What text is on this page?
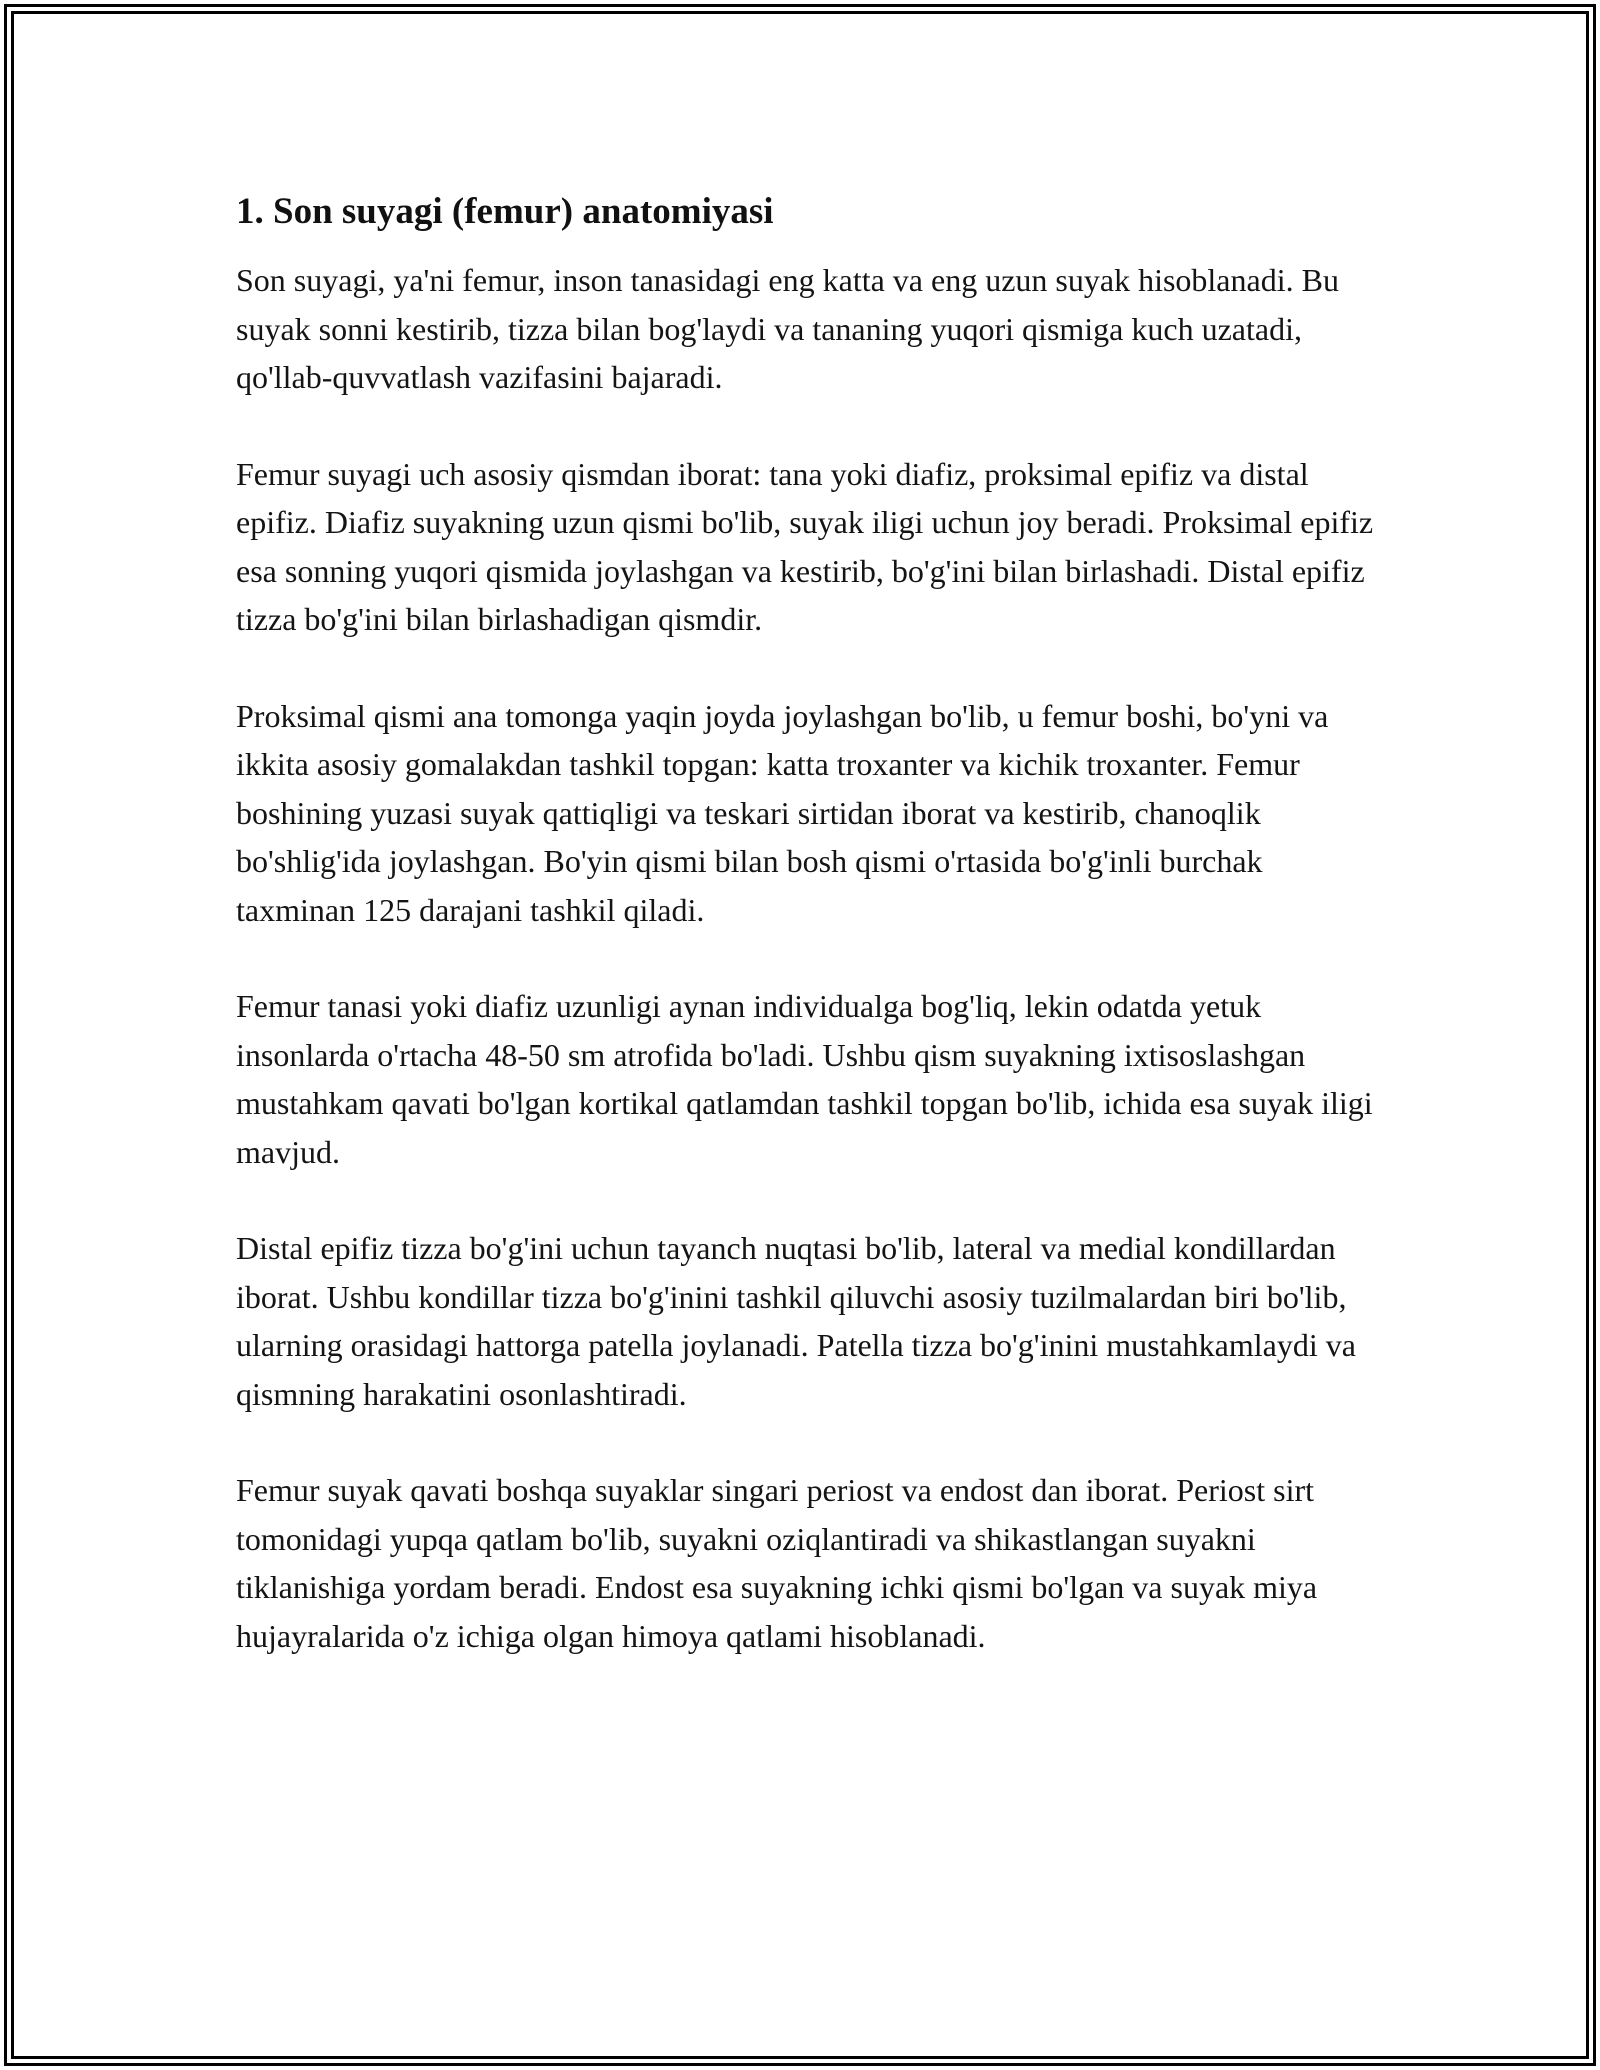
1. Son suyagi (femur) anatomiyasi

Son suyagi, ya'ni femur, inson tanasidagi eng katta va eng uzun suyak hisoblanadi. Bu suyak sonni kestirib, tizza bilan bog'laydi va tananing yuqori qismiga kuch uzatadi, qo'llab-quvvatlash vazifasini bajaradi.

Femur suyagi uch asosiy qismdan iborat: tana yoki diafiz, proksimal epifiz va distal epifiz. Diafiz suyakning uzun qismi bo'lib, suyak iligi uchun joy beradi. Proksimal epifiz esa sonning yuqori qismida joylashgan va kestirib, bo'g'ini bilan birlashadi. Distal epifiz tizza bo'g'ini bilan birlashadigan qismdir.

Proksimal qismi ana tomonga yaqin joyda joylashgan bo'lib, u femur boshi, bo'yni va ikkita asosiy gomalakdan tashkil topgan: katta troxanter va kichik troxanter. Femur boshining yuzasi suyak qattiqligi va teskari sirtidan iborat va kestirib, chanoqlik bo'shlig'ida joylashgan. Bo'yin qismi bilan bosh qismi o'rtasida bo'g'inli burchak taxminan 125 darajani tashkil qiladi.

Femur tanasi yoki diafiz uzunligi aynan individualga bog'liq, lekin odatda yetuk insonlarda o'rtacha 48-50 sm atrofida bo'ladi. Ushbu qism suyakning ixtisoslashgan mustahkam qavati bo'lgan kortikal qatlamdan tashkil topgan bo'lib, ichida esa suyak iligi mavjud.

Distal epifiz tizza bo'g'ini uchun tayanch nuqtasi bo'lib, lateral va medial kondillardan iborat. Ushbu kondillar tizza bo'g'inini tashkil qiluvchi asosiy tuzilmalardan biri bo'lib, ularning orasidagi hattorga patella joylanadi. Patella tizza bo'g'inini mustahkamlaydi va qismning harakatini osonlashtiradi.

Femur suyak qavati boshqa suyaklar singari periost va endost dan iborat. Periost sirt tomonidagi yupqa qatlam bo'lib, suyakni oziqlantiradi va shikastlangan suyakni tiklanishiga yordam beradi. Endost esa suyakning ichki qismi bo'lgan va suyak miya hujayralarida o'z ichiga olgan himoya qatlami hisoblanadi.
